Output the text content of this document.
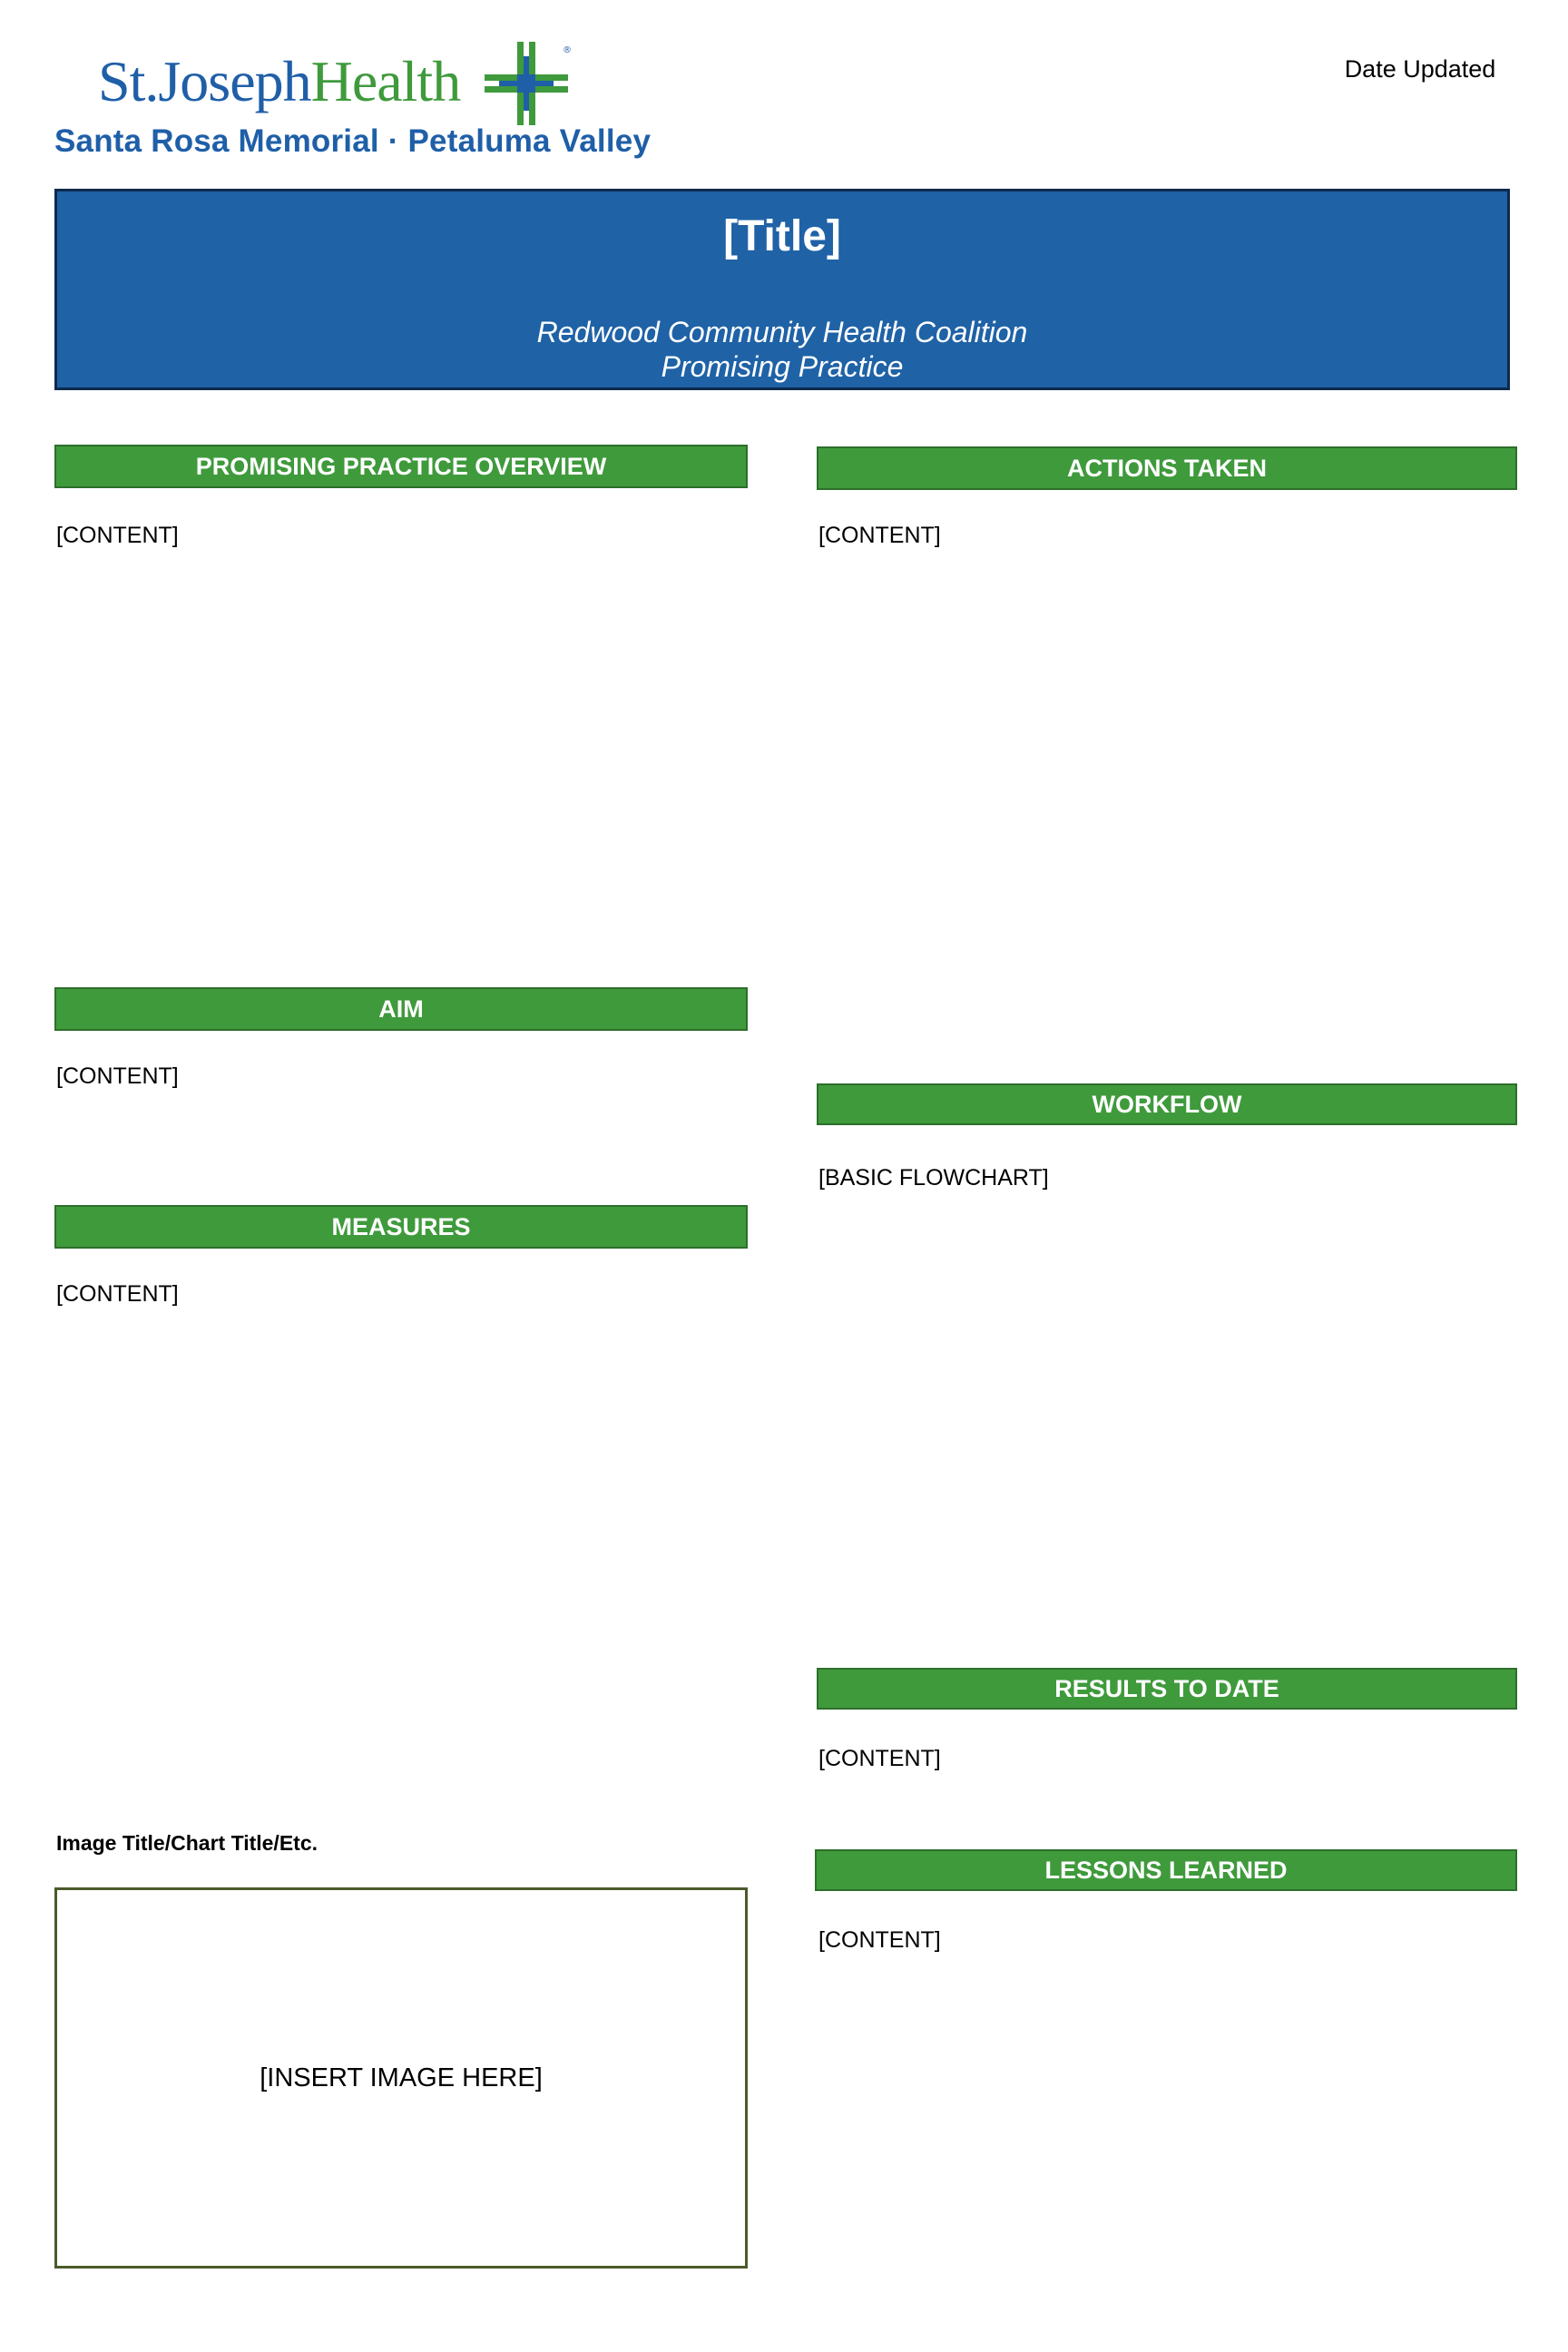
St.JosephHealth	®
Santa Rosa Memorial · Petaluma Valley
Date Updated
[Title]
Redwood Community Health Coalition
Promising Practice
PROMISING PRACTICE OVERVIEW
[CONTENT]
AIM
[CONTENT]
MEASURES
[CONTENT]
Image Title/Chart Title/Etc.
[INSERT IMAGE HERE]
ACTIONS TAKEN
[CONTENT]
WORKFLOW
[BASIC FLOWCHART]
RESULTS TO DATE
[CONTENT]
LESSONS LEARNED
[CONTENT]
